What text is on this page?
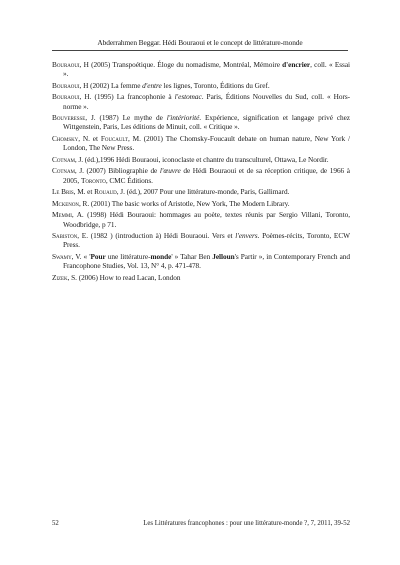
Abderrahmen Beggar. Hédi Bouraoui et le concept de littérature-monde

Bouraoui, H (2005) Transpoétique. Éloge du nomadisme, Montréal, Mémoire d'encrier, coll. « Essai ».

Bouraoui, H (2002) La femme d'entre les lignes, Toronto, Éditions du Gref.

Bouraoui, H. (1995) La francophonie à l'estomac. Paris, Éditions Nouvelles du Sud, coll. « Hors-norme ».

Bouveresse, J. (1987) Le mythe de l'intériorité. Expérience, signification et langage privé chez Wittgenstein, Paris, Les éditions de Minuit, coll. « Critique ».

Chomsky, N. et Foucault, M. (2001) The Chomsky-Foucault debate on human nature, New York / London, The New Press.

Cotnam, J. (éd.),1996 Hédi Bouraoui, iconoclaste et chantre du transculturel, Ottawa, Le Nordir.

Cotnam, J. (2007) Bibliographie de l'œuvre de Hédi Bouraoui et de sa réception critique, de 1966 à 2005, Toronto, CMC Éditions.

Le Bris, M. et Rouaud, J. (éd.), 2007 Pour une littérature-monde, Paris, Gallimard.

Mckenon, R. (2001) The basic works of Aristotle, New York, The Modern Library.

Memmi, A. (1998) Hédi Bouraoui: hommages au poète, textes réunis par Sergio Villani, Toronto, Woodbridge, p 71.

Sabiston, E. (1982 ) (introduction à) Hédi Bouraoui. Vers et l'envers. Poèmes-récits, Toronto, ECW Press.

Swamy, V. « 'Pour une littérature-monde' » Tahar Ben Jelloun's Partir », in Contemporary French and Francophone Studies, Vol. 13, N° 4, p. 471-478.

Zizek, S. (2006) How to read Lacan, London

52	Les Littératures francophones : pour une littérature-monde ?, 7, 2011, 39-52
